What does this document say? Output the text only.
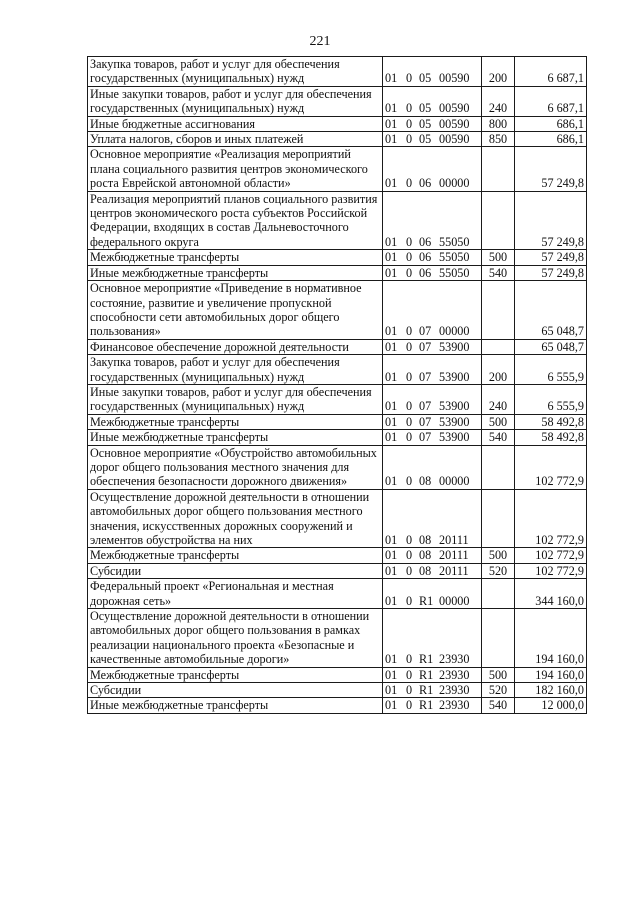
221
Закупка товаров, работ и услуг для обеспечения государственных (муниципальных) нужд	01 0 05 00590	200	6 687,1
Иные закупки товаров, работ и услуг для обеспечения государственных (муниципальных) нужд	01 0 05 00590	240	6 687,1
Иные бюджетные ассигнования	01 0 05 00590	800	686,1
Уплата налогов, сборов и иных платежей	01 0 05 00590	850	686,1
Основное мероприятие «Реализация мероприятий плана социального развития центров экономического роста Еврейской автономной области»	01 0 06 00000		57 249,8
Реализация мероприятий планов социального развития центров экономического роста субъектов Российской Федерации, входящих в состав Дальневосточного федерального округа	01 0 06 55050		57 249,8
Межбюджетные трансферты	01 0 06 55050	500	57 249,8
Иные межбюджетные трансферты	01 0 06 55050	540	57 249,8
Основное мероприятие «Приведение в нормативное состояние, развитие и увеличение пропускной способности сети автомобильных дорог общего пользования»	01 0 07 00000		65 048,7
Финансовое обеспечение дорожной деятельности	01 0 07 53900		65 048,7
Закупка товаров, работ и услуг для обеспечения государственных (муниципальных) нужд	01 0 07 53900	200	6 555,9
Иные закупки товаров, работ и услуг для обеспечения государственных (муниципальных) нужд	01 0 07 53900	240	6 555,9
Межбюджетные трансферты	01 0 07 53900	500	58 492,8
Иные межбюджетные трансферты	01 0 07 53900	540	58 492,8
Основное мероприятие «Обустройство автомобильных дорог общего пользования местного значения для обеспечения безопасности дорожного движения»	01 0 08 00000		102 772,9
Осуществление дорожной деятельности в отношении автомобильных дорог общего пользования местного значения, искусственных дорожных сооружений и элементов обустройства на них	01 0 08 20111		102 772,9
Межбюджетные трансферты	01 0 08 20111	500	102 772,9
Субсидии	01 0 08 20111	520	102 772,9
Федеральный проект «Региональная и местная дорожная сеть»	01 0 R1 00000		344 160,0
Осуществление дорожной деятельности в отношении автомобильных дорог общего пользования в рамках реализации национального проекта «Безопасные и качественные автомобильные дороги»	01 0 R1 23930		194 160,0
Межбюджетные трансферты	01 0 R1 23930	500	194 160,0
Субсидии	01 0 R1 23930	520	182 160,0
Иные межбюджетные трансферты	01 0 R1 23930	540	12 000,0
